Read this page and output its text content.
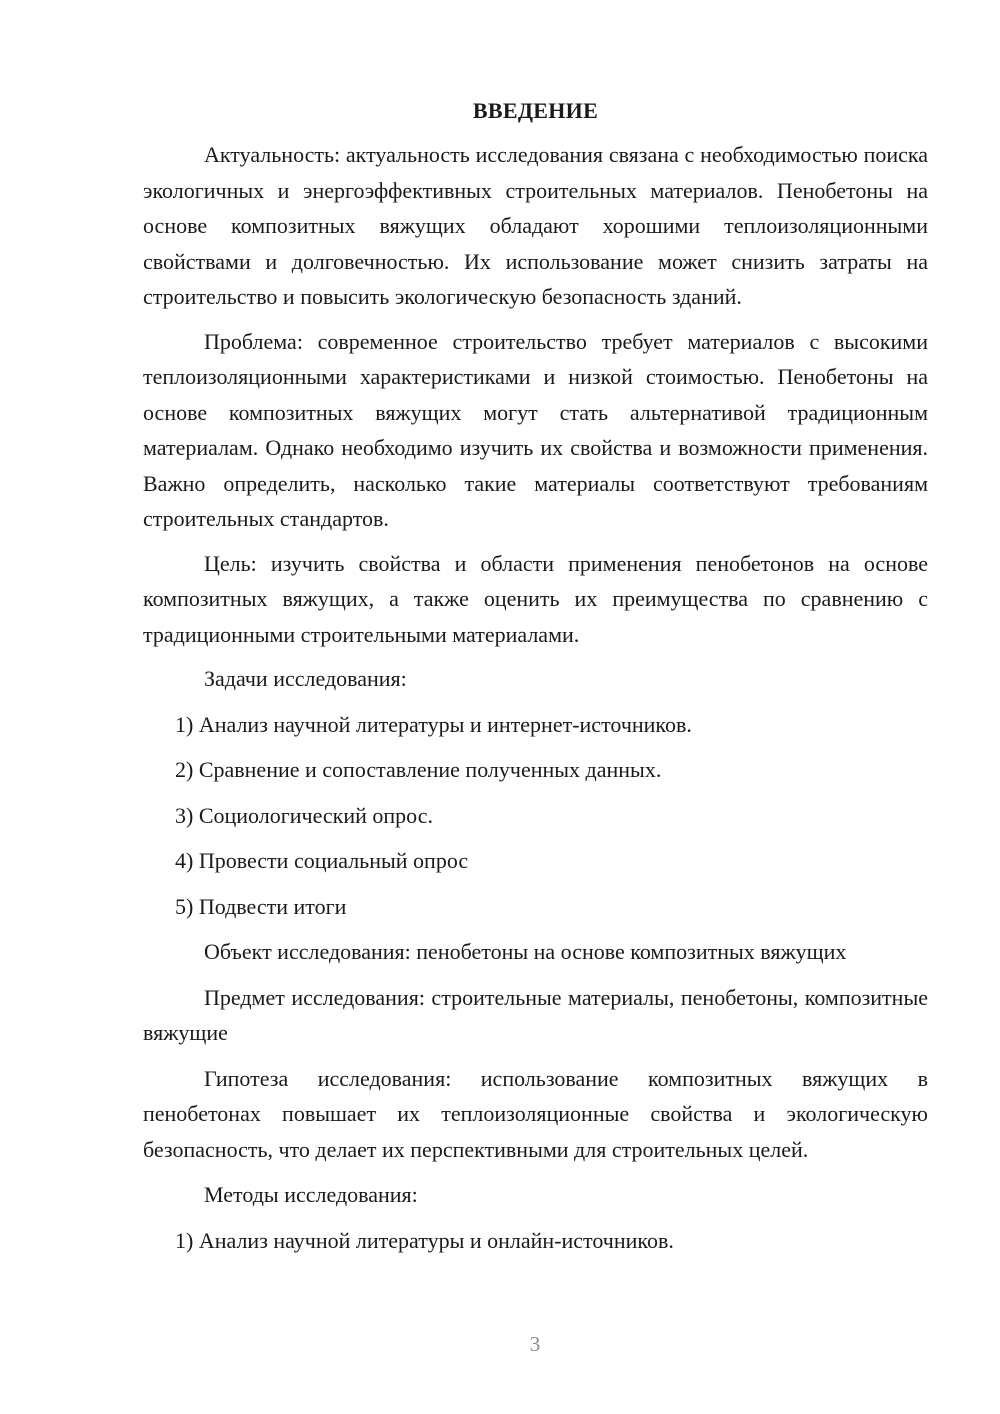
ВВЕДЕНИЕ

Актуальность: актуальность исследования связана с необходимостью поиска экологичных и энергоэффективных строительных материалов. Пенобетоны на основе композитных вяжущих обладают хорошими теплоизоляционными свойствами и долговечностью. Их использование может снизить затраты на строительство и повысить экологическую безопасность зданий.

Проблема: современное строительство требует материалов с высокими теплоизоляционными характеристиками и низкой стоимостью. Пенобетоны на основе композитных вяжущих могут стать альтернативой традиционным материалам. Однако необходимо изучить их свойства и возможности применения. Важно определить, насколько такие материалы соответствуют требованиям строительных стандартов.

Цель: изучить свойства и области применения пенобетонов на основе композитных вяжущих, а также оценить их преимущества по сравнению с традиционными строительными материалами.

Задачи исследования:

1) Анализ научной литературы и интернет-источников.

2) Сравнение и сопоставление полученных данных.

3) Социологический опрос.

4) Провести социальный опрос

5) Подвести итоги

Объект исследования: пенобетоны на основе композитных вяжущих

Предмет исследования: строительные материалы, пенобетоны, композитные вяжущие

Гипотеза исследования: использование композитных вяжущих в пенобетонах повышает их теплоизоляционные свойства и экологическую безопасность, что делает их перспективными для строительных целей.

Методы исследования:

1) Анализ научной литературы и онлайн-источников.

3
